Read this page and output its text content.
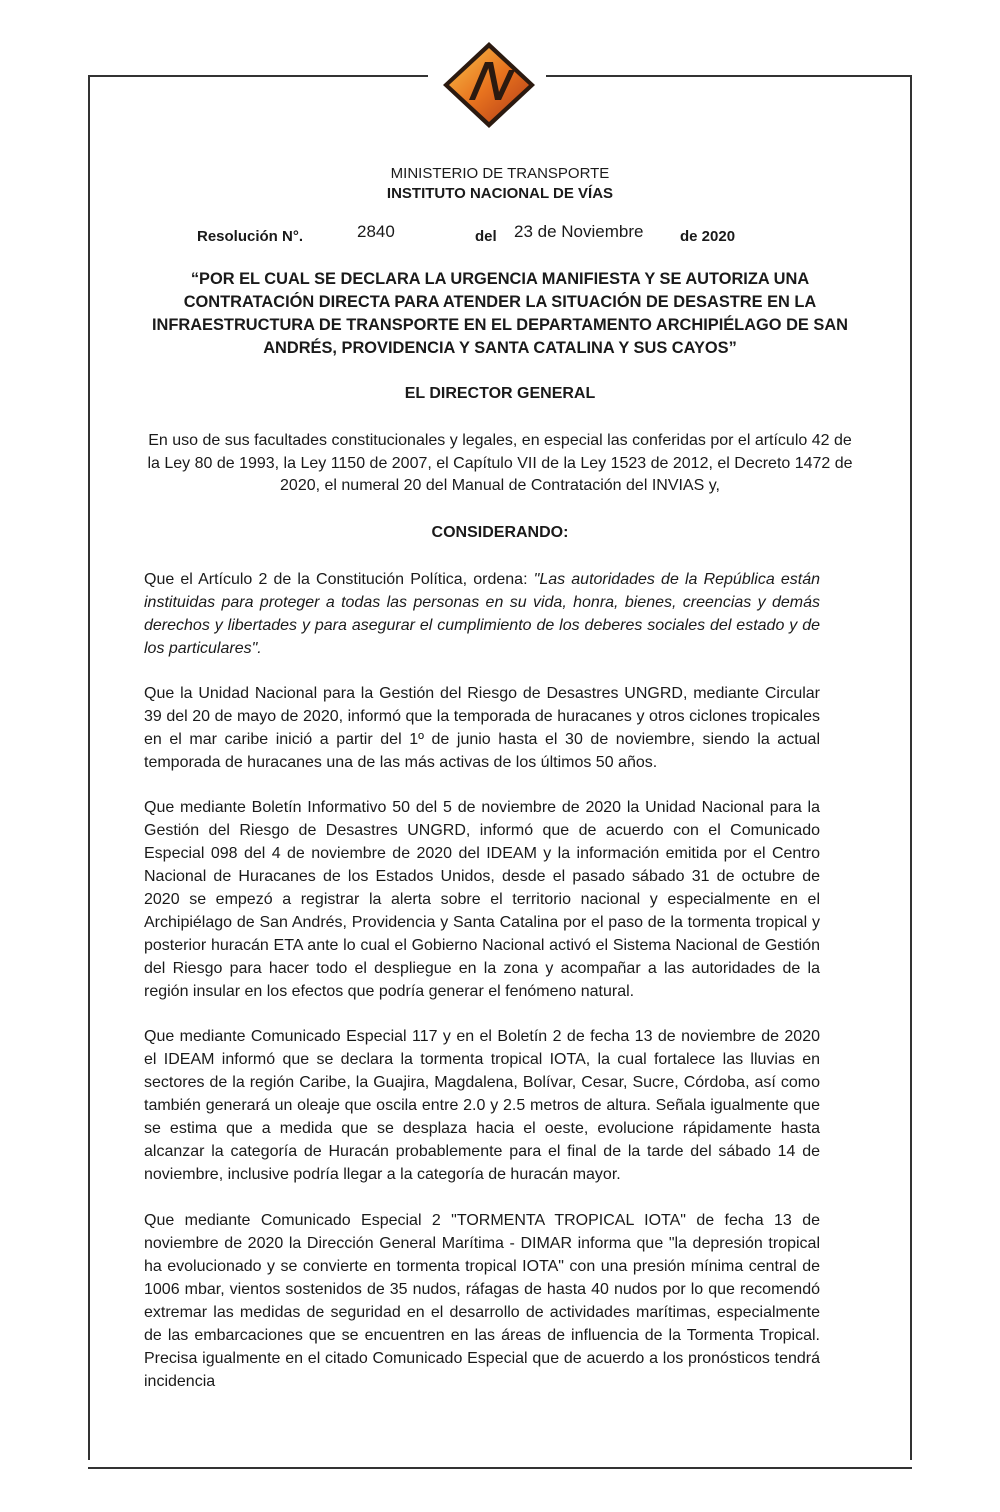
MINISTERIO DE TRANSPORTE
INSTITUTO NACIONAL DE VÍAS
Resolución N°.	2840	del 23 de Noviembre de 2020
“POR EL CUAL SE DECLARA LA URGENCIA MANIFIESTA Y SE AUTORIZA UNA CONTRATACIÓN DIRECTA PARA ATENDER LA SITUACIÓN DE DESASTRE EN LA INFRAESTRUCTURA DE TRANSPORTE EN EL DEPARTAMENTO ARCHIPIÉLAGO DE SAN ANDRÉS, PROVIDENCIA Y SANTA CATALINA Y SUS CAYOS”
EL DIRECTOR GENERAL
En uso de sus facultades constitucionales y legales, en especial las conferidas por el artículo 42 de la Ley 80 de 1993, la Ley 1150 de 2007, el Capítulo VII de la Ley 1523 de 2012, el Decreto 1472 de 2020, el numeral 20 del Manual de Contratación del INVIAS y,
CONSIDERANDO:
Que el Artículo 2 de la Constitución Política, ordena: "Las autoridades de la República están instituidas para proteger a todas las personas en su vida, honra, bienes, creencias y demás derechos y libertades y para asegurar el cumplimiento de los deberes sociales del estado y de los particulares".
Que la Unidad Nacional para la Gestión del Riesgo de Desastres UNGRD, mediante Circular 39 del 20 de mayo de 2020, informó que la temporada de huracanes y otros ciclones tropicales en el mar caribe inició a partir del 1º de junio hasta el 30 de noviembre, siendo la actual temporada de huracanes una de las más activas de los últimos 50 años.
Que mediante Boletín Informativo 50 del 5 de noviembre de 2020 la Unidad Nacional para la Gestión del Riesgo de Desastres UNGRD, informó que de acuerdo con el Comunicado Especial 098 del 4 de noviembre de 2020 del IDEAM y la información emitida por el Centro Nacional de Huracanes de los Estados Unidos, desde el pasado sábado 31 de octubre de 2020 se empezó a registrar la alerta sobre el territorio nacional y especialmente en el Archipiélago de San Andrés, Providencia y Santa Catalina por el paso de la tormenta tropical y posterior huracán ETA ante lo cual el Gobierno Nacional activó el Sistema Nacional de Gestión del Riesgo para hacer todo el despliegue en la zona y acompañar a las autoridades de la región insular en los efectos que podría generar el fenómeno natural.
Que mediante Comunicado Especial 117 y en el Boletín 2 de fecha 13 de noviembre de 2020 el IDEAM informó que se declara la tormenta tropical IOTA, la cual fortalece las lluvias en sectores de la región Caribe, la Guajira, Magdalena, Bolívar, Cesar, Sucre, Córdoba, así como también generará un oleaje que oscila entre 2.0 y 2.5 metros de altura. Señala igualmente que se estima que a medida que se desplaza hacia el oeste, evolucione rápidamente hasta alcanzar la categoría de Huracán probablemente para el final de la tarde del sábado 14 de noviembre, inclusive podría llegar a la categoría de huracán mayor.
Que mediante Comunicado Especial 2 "TORMENTA TROPICAL IOTA" de fecha 13 de noviembre de 2020 la Dirección General Marítima - DIMAR informa que "la depresión tropical ha evolucionado y se convierte en tormenta tropical IOTA" con una presión mínima central de 1006 mbar, vientos sostenidos de 35 nudos, ráfagas de hasta 40 nudos por lo que recomendó extremar las medidas de seguridad en el desarrollo de actividades marítimas, especialmente de las embarcaciones que se encuentren en las áreas de influencia de la Tormenta Tropical. Precisa igualmente en el citado Comunicado Especial que de acuerdo a los pronósticos tendrá incidencia
